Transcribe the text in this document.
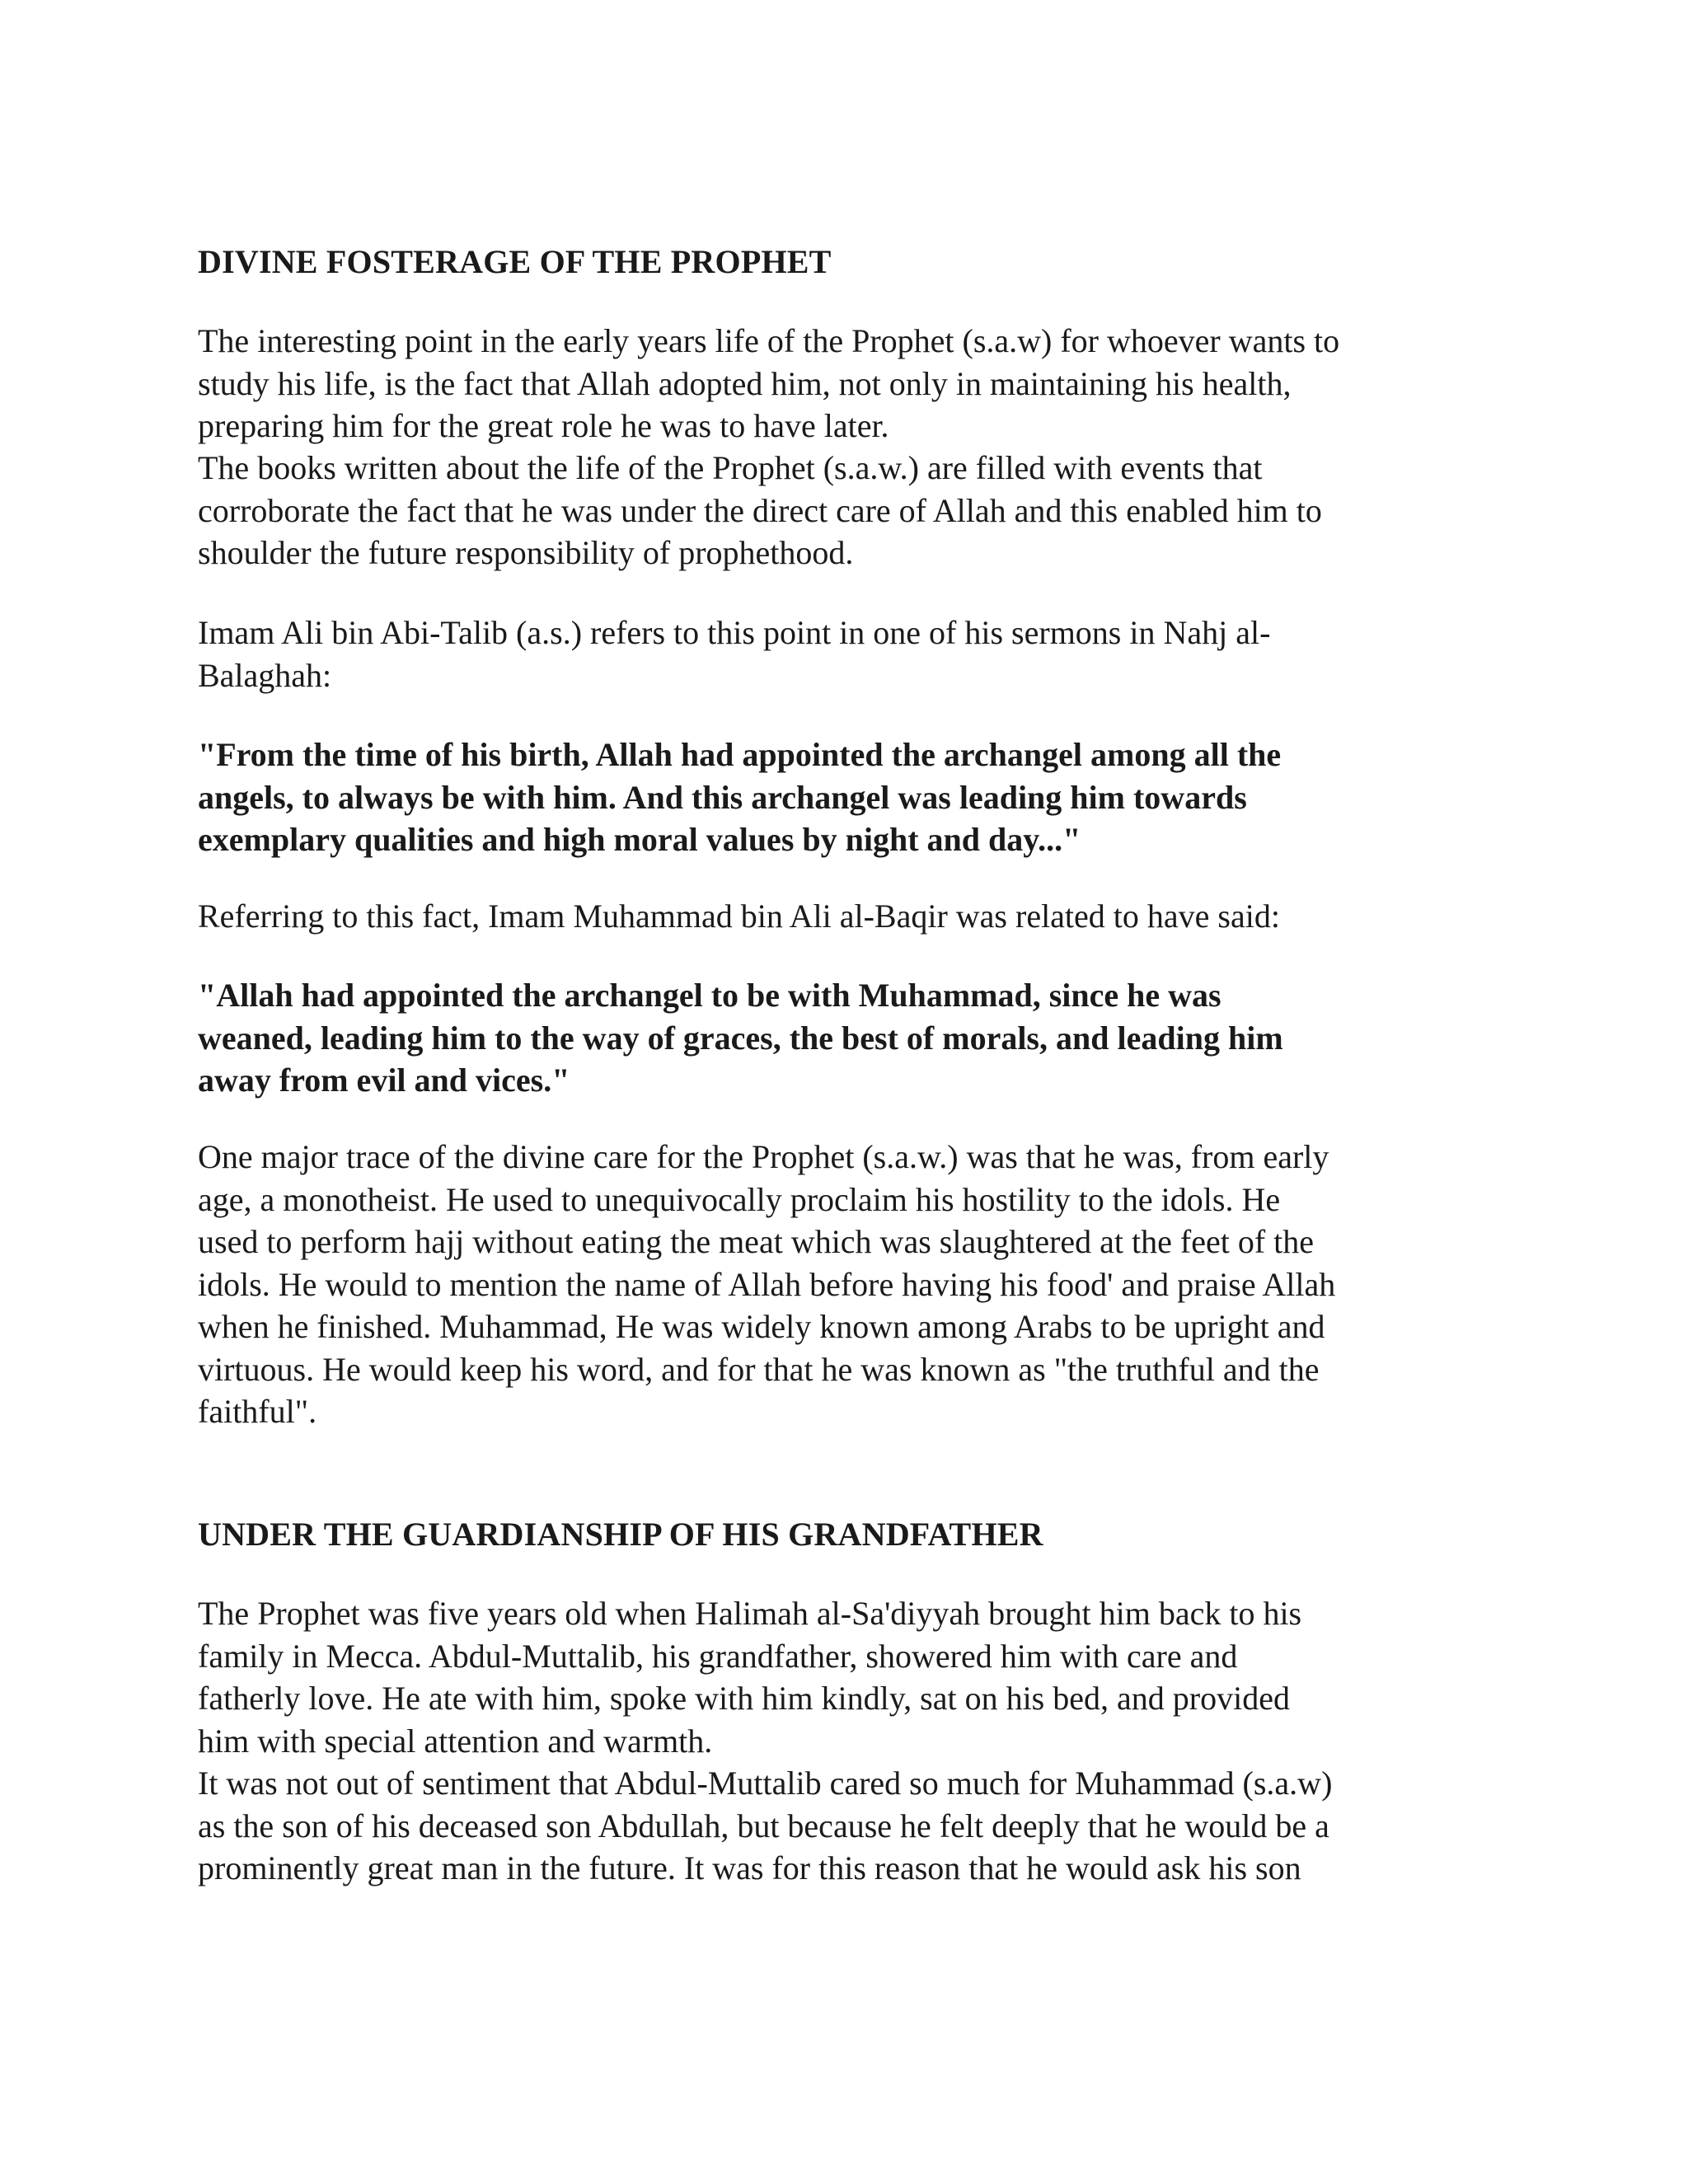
DIVINE FOSTERAGE OF THE PROPHET

The interesting point in the early years life of the Prophet (s.a.w) for whoever wants to
study his life, is the fact that Allah adopted him, not only in maintaining his health,
preparing him for the great role he was to have later.

The books written about the life of the Prophet (s.a.w.) are filled with events that
corroborate the fact that he was under the direct care of Allah and this enabled him to
shoulder the future responsibility of prophethood.

Imam Ali bin Abi-Talib (a.s.) refers to this point in one of his sermons in Nahj al-
Balaghah:

"From the time of his birth, Allah had appointed the archangel among all the
angels, to always be with him. And this archangel was leading him towards
exemplary qualities and high moral values by night and day..."

Referring to this fact, Imam Muhammad bin Ali al-Baqir was related to have said:

"Allah had appointed the archangel to be with Muhammad, since he was
weaned, leading him to the way of graces, the best of morals, and leading him
away from evil and vices."

One major trace of the divine care for the Prophet (s.a.w.) was that he was, from early
age, a monotheist. He used to unequivocally proclaim his hostility to the idols. He
used to perform hajj without eating the meat which was slaughtered at the feet of the
idols. He would to mention the name of Allah before having his food' and praise Allah
when he finished. Muhammad, He was widely known among Arabs to be upright and
virtuous. He would keep his word, and for that he was known as "the truthful and the
faithful".

UNDER THE GUARDIANSHIP OF HIS GRANDFATHER

The Prophet was five years old when Halimah al-Sa'diyyah brought him back to his
family in Mecca. Abdul-Muttalib, his grandfather, showered him with care and
fatherly love. He ate with him, spoke with him kindly, sat on his bed, and provided
him with special attention and warmth.

It was not out of sentiment that Abdul-Muttalib cared so much for Muhammad (s.a.w)
as the son of his deceased son Abdullah, but because he felt deeply that he would be a
prominently great man in the future. It was for this reason that he would ask his son
